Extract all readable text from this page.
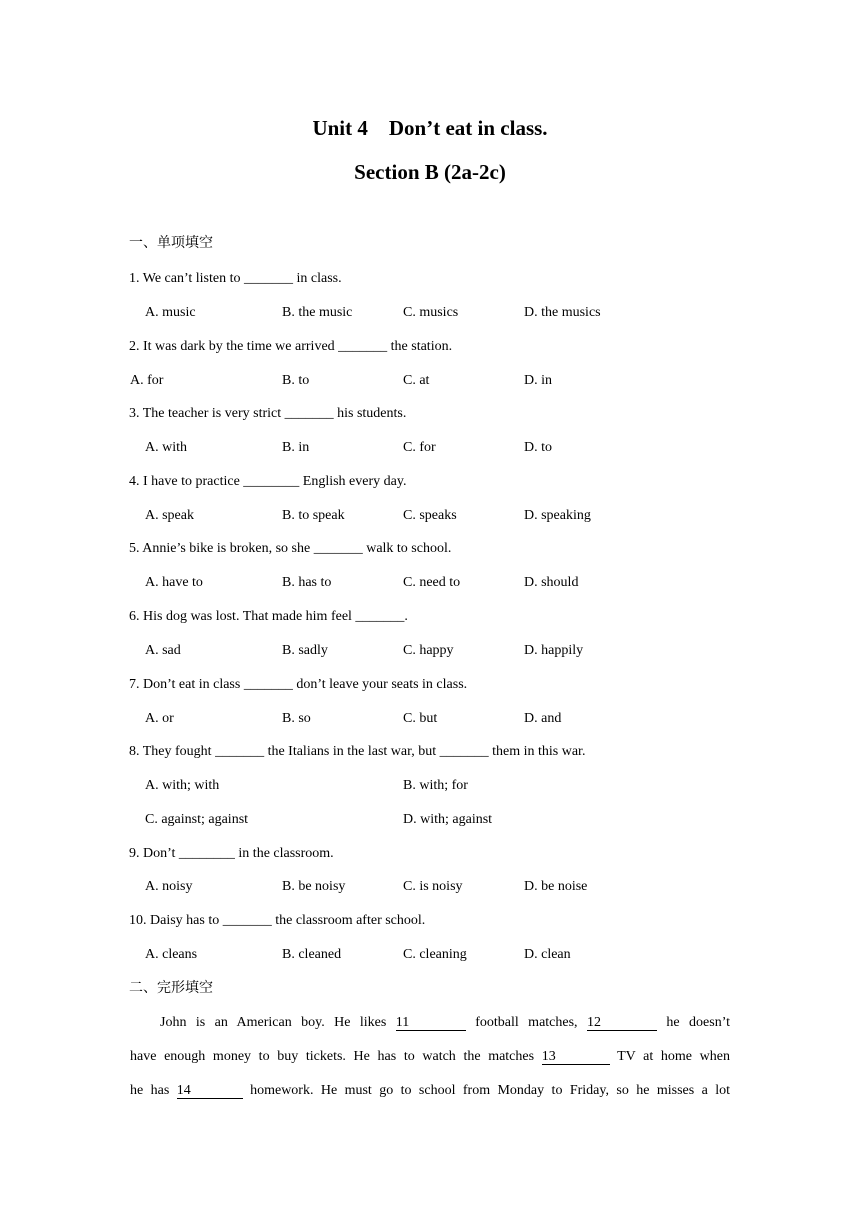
Unit 4    Don’t eat in class.
Section B (2a-2c)
一、单项填空
1. We can’t listen to _______ in class.
A. music	B. the music	C. musics	D. the musics
2. It was dark by the time we arrived _______ the station.
A. for	B. to	C. at	D. in
3. The teacher is very strict _______ his students.
A. with	B. in	C. for	D. to
4. I have to practice ________ English every day.
A. speak	B. to speak	C. speaks	D. speaking
5. Annie’s bike is broken, so she _______ walk to school.
A. have to	B. has to	C. need to	D. should
6. His dog was lost. That made him feel _______.
A. sad	B. sadly	C. happy	D. happily
7. Don’t eat in class _______ don’t leave your seats in class.
A. or	B. so	C. but	D. and
8. They fought _______ the Italians in the last war, but _______ them in this war.
A. with; with	B. with; for
C. against; against	D. with; against
9. Don’t ________ in the classroom.
A. noisy	B. be noisy	C. is noisy	D. be noise
10. Daisy has to _______ the classroom after school.
A. cleans	B. cleaned	C. cleaning	D. clean
二、完形填空
John is an American boy. He likes 11	football matches, 12	he doesn’t
have enough money to buy tickets. He has to watch the matches 13	TV at home when
he has 14	homework. He must go to school from Monday to Friday, so he misses a lot
